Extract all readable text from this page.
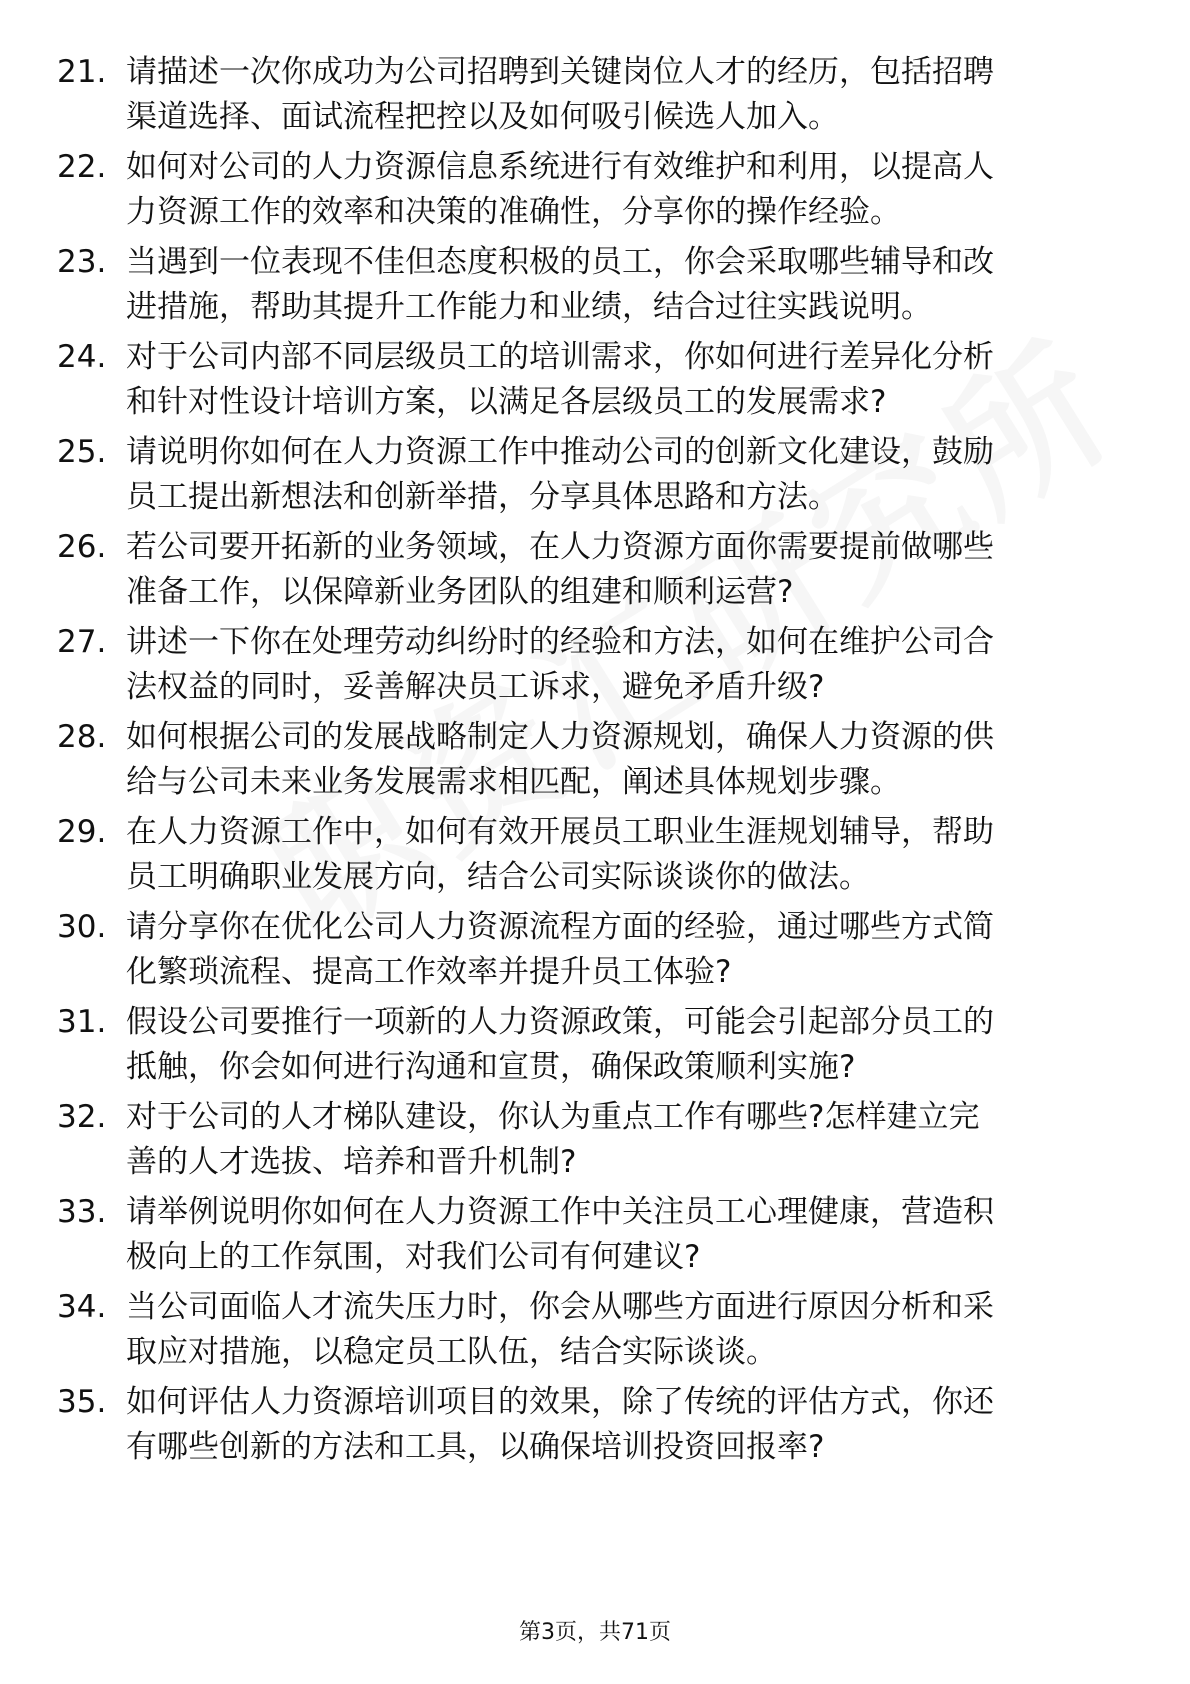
21. 请描述一次你成功为公司招聘到关键岗位人才的经历，包括招聘
渠道选择、面试流程把控以及如何吸引候选人加入。
22. 如何对公司的人力资源信息系统进行有效维护和利用，以提高人
力资源工作的效率和决策的准确性，分享你的操作经验。
23. 当遇到一位表现不佳但态度积极的员工，你会采取哪些辅导和改
进措施，帮助其提升工作能力和业绩，结合过往实践说明。
24. 对于公司内部不同层级员工的培训需求，你如何进行差异化分析
和针对性设计培训方案，以满足各层级员工的发展需求?
25. 请说明你如何在人力资源工作中推动公司的创新文化建设，鼓励
员工提出新想法和创新举措，分享具体思路和方法。
26. 若公司要开拓新的业务领域，在人力资源方面你需要提前做哪些
准备工作，以保障新业务团队的组建和顺利运营?
27. 讲述一下你在处理劳动纠纷时的经验和方法，如何在维护公司合
法权益的同时，妥善解决员工诉求，避免矛盾升级?
28. 如何根据公司的发展战略制定人力资源规划，确保人力资源的供
给与公司未来业务发展需求相匹配，阐述具体规划步骤。
29. 在人力资源工作中，如何有效开展员工职业生涯规划辅导，帮助
员工明确职业发展方向，结合公司实际谈谈你的做法。
30. 请分享你在优化公司人力资源流程方面的经验，通过哪些方式简
化繁琐流程、提高工作效率并提升员工体验?
31. 假设公司要推行一项新的人力资源政策，可能会引起部分员工的
抵触，你会如何进行沟通和宣贯，确保政策顺利实施?
32. 对于公司的人才梯队建设，你认为重点工作有哪些?怎样建立完
善的人才选拔、培养和晋升机制?
33. 请举例说明你如何在人力资源工作中关注员工心理健康，营造积
极向上的工作氛围，对我们公司有何建议?
34. 当公司面临人才流失压力时，你会从哪些方面进行原因分析和采
取应对措施，以稳定员工队伍，结合实际谈谈。
35. 如何评估人力资源培训项目的效果，除了传统的评估方式，你还
有哪些创新的方法和工具，以确保培训投资回报率?
第3页，共71页
